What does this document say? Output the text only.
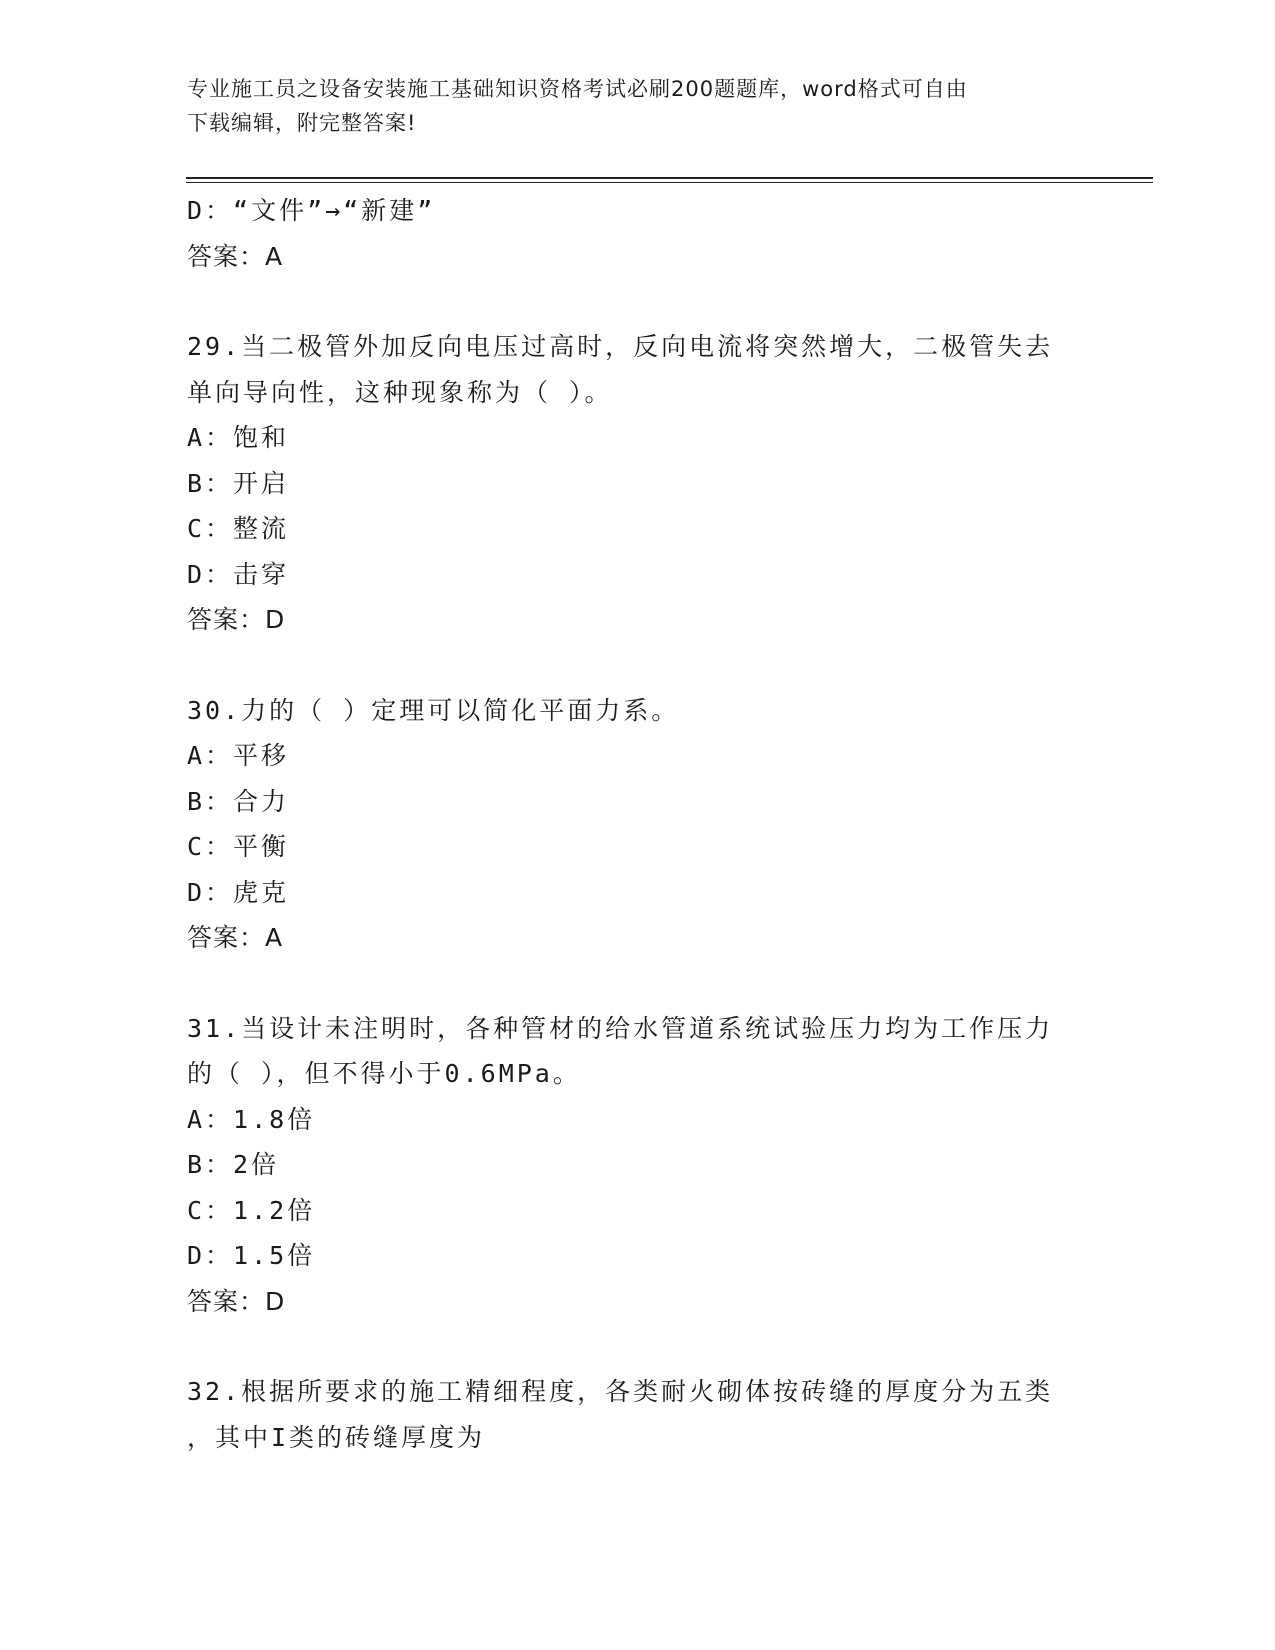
专业施工员之设备安装施工基础知识资格考试必刷200题题库，word格式可自由
下载编辑，附完整答案!
D：“文件”→“新建”
答案：A
29.当二极管外加反向电压过高时，反向电流将突然增大，二极管失去
单向导向性，这种现象称为（ ）。
A：饱和
B：开启
C：整流
D：击穿
答案：D
30.力的（ ）定理可以简化平面力系。
A：平移
B：合力
C：平衡
D：虎克
答案：A
31.当设计未注明时，各种管材的给水管道系统试验压力均为工作压力
的（ ），但不得小于0.6MPa。
A：1.8倍
B：2倍
C：1.2倍
D：1.5倍
答案：D
32.根据所要求的施工精细程度，各类耐火砌体按砖缝的厚度分为五类
，其中I类的砖缝厚度为
